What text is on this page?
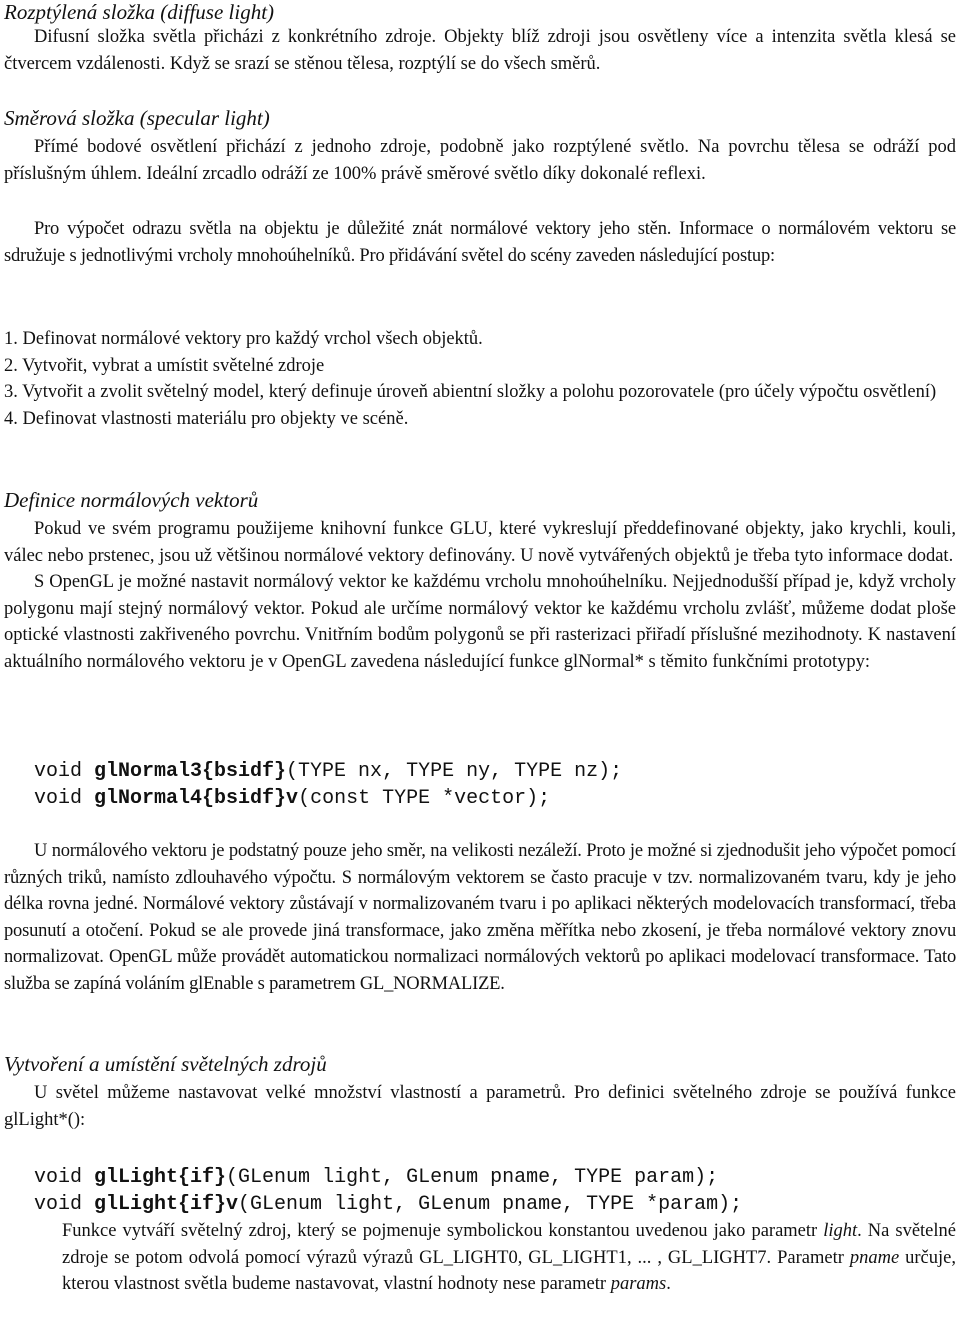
Rozptýlená složka (diffuse light)

Difusní složka světla přicházi z konkrétního zdroje. Objekty blíž zdroji jsou osvětleny více a intenzita světla klesá se čtvercem vzdálenosti. Když se srazí se stěnou tělesa, rozptýlí se do všech směrů.

Směrová složka (specular light)

Přímé bodové osvětlení přichází z jednoho zdroje, podobně jako rozptýlené světlo. Na povrchu tělesa se odráží pod příslušným úhlem. Ideální zrcadlo odráží ze 100% právě směrové světlo díky dokonalé reflexi.

Pro výpočet odrazu světla na objektu je důležité znát normálové vektory jeho stěn. Informace o normálovém vektoru se sdružuje s jednotlivými vrcholy mnohoúhelníků. Pro přidávání světel do scény zaveden následující postup:

1. Definovat normálové vektory pro každý vrchol všech objektů.
2. Vytvořit, vybrat a umístit světelné zdroje
3. Vytvořit a zvolit světelný model, který definuje úroveň abientní složky a polohu pozorovatele (pro účely výpočtu osvětlení)
4. Definovat vlastnosti materiálu pro objekty ve scéně.
Definice normálových vektorů

Pokud ve svém programu použijeme knihovní funkce GLU, které vykreslují předdefinované objekty, jako krychli, kouli, válec nebo prstenec, jsou už většinou normálové vektory definovány. U nově vytvářených objektů je třeba tyto informace dodat.

S OpenGL je možné nastavit normálový vektor ke každému vrcholu mnohoúhelníku. Nejjednodušší případ je, když vrcholy polygonu mají stejný normálový vektor. Pokud ale určíme normálový vektor ke každému vrcholu zvlášť, můžeme dodat ploše optické vlastnosti zakřiveného povrchu. Vnitřním bodům polygonů se při rasterizaci přiřadí příslušné mezihodnoty. K nastavení aktuálního normálového vektoru je v OpenGL zavedena následující funkce glNormal* s těmito funkčními prototypy:

void glNormal3{bsidf}(TYPE nx, TYPE ny, TYPE nz);
void glNormal4{bsidf}v(const TYPE *vector);

U normálového vektoru je podstatný pouze jeho směr, na velikosti nezáleží. Proto je možné si zjednodušit jeho výpočet pomocí různých triků, namísto zdlouhavého výpočtu. S normálovým vektorem se často pracuje v tzv. normalizovaném tvaru, kdy je jeho délka rovna jedné. Normálové vektory zůstávají v normalizovaném tvaru i po aplikaci některých modelovacích transformací, třeba posunutí a otočení. Pokud se ale provede jiná transformace, jako změna měřítka nebo zkosení, je třeba normálové vektory znovu normalizovat. OpenGL může provádět automatickou normalizaci normálových vektorů po aplikaci modelovací transformace. Tato služba se zapíná voláním glEnable s parametrem GL_NORMALIZE.

Vytvoření a umístění světelných zdrojů

U světel můžeme nastavovat velké množství vlastností a parametrů. Pro definici světelného zdroje se používá funkce glLight*():

void glLight{if}(GLenum light, GLenum pname, TYPE param);
void glLight{if}v(GLenum light, GLenum pname, TYPE *param);

Funkce vytváří světelný zdroj, který se pojmenuje symbolickou konstantou uvedenou jako parametr light. Na světelné zdroje se potom odvolá pomocí výrazů výrazů GL_LIGHT0, GL_LIGHT1, ... , GL_LIGHT7. Parametr pname určuje, kterou vlastnost světla budeme nastavovat, vlastní hodnoty nese parametr params.
